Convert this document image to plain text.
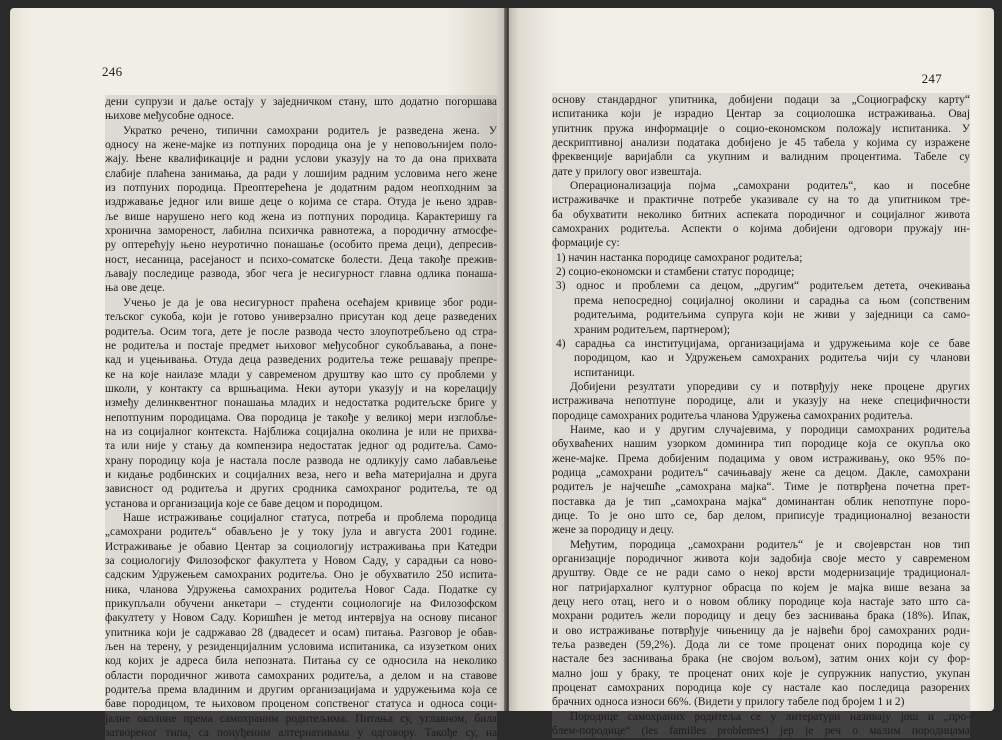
246
дени супрузи и даље остају у заједничком стану, што додатно погоршава
њихове међусобне односе.
Укратко речено, типични самохрани родитељ је разведена жена. У
односу на жене-мајке из потпуних породица она је у неповољнијем поло-
жају. Њене квалификације и радни услови указују на то да она прихвата
слабије плаћена занимања, да ради у лошијим радним условима него жене
из потпуних породица. Преоптерећена је додатним радом неопходним за
издржавање једног или више деце о којима се стара. Отуда је њено здрав-
ље више нарушено него код жена из потпуних породица. Карактеришу га
хронична замореност, лабилна психичка равнотежа, а породичну атмосфе-
ру оптерећују њено неуротично понашање (особито према деци), депресив-
ност, несаница, расејаност и психо-соматске болести. Деца такође прежив-
љавају последице развода, због чега је несигурност главна одлика понаша-
ња ове деце.
Учењо је да је ова несигурност праћена осећајем кривице због роди-
тељског сукоба, који је готово универзално присутан код деце разведених
родитеља. Осим тога, дете је после развода често злоупотребљено од стра-
не родитеља и постаје предмет њиховог међусобног сукобљавања, а поне-
кад и уцењивања. Отуда деца разведених родитеља теже решавају препре-
ке на које наилазе млади у савременом друштву као што су проблеми у
школи, у контакту са вршњацима. Неки аутори указују и на корелацију
између делинквентног понашања младих и недостатка родитељске бриге у
непотпуним породицама. Ова породица је такође у великој мери изглобље-
на из социјалног контекста. Најближа социјална околина је или не прихва-
та или није у стању да компензира недостатак једног од родитеља. Само-
храну породицу која је настала после развода не одликују само лабављење
и кидање родбинских и социјалних веза, него и већа материјална и друга
зависност од родитеља и других сродника самохраног родитеља, те од
установа и организација које се баве децом и породицом.
Наше истраживање социјалног статуса, потреба и проблема породица
„самохрани родитељ“ обављено је у току јула и августа 2001 године.
Истраживање је обавио Центар за социологију истраживања при Катедри
за социологију Филозофског факултета у Новом Саду, у сарадњи са ново-
садским Удружењем самохраних родитеља. Оно је обухватило 250 испита-
ника, чланова Удружења самохраних родитеља Новог Сада. Податке су
прикупљали обучени анкетари – студенти социологије на Филозофском
факултету у Новом Саду. Коришћен је метод интервјуа на основу писаног
упитника који је садржавао 28 (двадесет и осам) питања. Разговор је обав-
љен на терену, у резиденцијалним условима испитаника, са изузетком оних
код којих је адреса била непозната. Питања су се односила на неколико
области породичног живота самохраних родитеља, а делом и на ставове
родитеља према владиним и другим организацијама и удружењима која се
баве породицом, те њиховом проценом сопственог статуса и односа соци-
јалне околине према самохраним родитељима. Питања су, углавном, била
затвореног типа, са понуђеним алтернативама у одговору. Такође су, на
247
основу стандардног упитника, добијени подаци за „Социографску карту“
испитаника који је израдио Центар за социолошка истраживања. Овај
упитник пружа информације о социо-економском положају испитаника. У
дескриптивној анализи података добијено је 45 табела у којима су изражене
фреквенције варијабли са укупним и валидним процентима. Табеле су
дате у прилогу овог извештаја.
Операционализација појма „самохрани родитељ“, као и посебне
истраживачке и практичне потребе указивале су на то да упитником тре-
ба обухватити неколико битних аспеката породичног и социјалног живота
самохраних родитеља. Аспекти о којима добијени одговори пружају ин-
формације су:
1) начин настанка породице самохраног родитеља;
2) социо-економски и стамбени статус породице;
3) однос и проблеми са децом, „другим“ родитељем детета, очекивања
према непосредној социјалној околини и сарадња са њом (сопственим
родитељима, родитељима супруга који не живи у заједници са само-
храним родитељем, партнером);
4) сарадња са институцијама, организацијама и удружењима које се баве
породицом, као и Удружењем самохраних родитеља чији су чланови
испитаници.
Добијени резултати упоредиви су и потврђују неке процене других
истраживача непотпуне породице, али и указују на неке специфичности
породице самохраних родитеља чланова Удружења самохраних родитеља.
Наиме, као и у другим случајевима, у породици самохраних родитеља
обухваћених нашим узорком доминира тип породице која се окупља око
жене-мајке. Према добијеним подацима у овом истраживању, око 95% по-
родица „самохрани родитељ“ сачињавају жене са децом. Дакле, самохрани
родитељ је најчешће „самохрана мајка“. Тиме је потврђена почетна прет-
поставка да је тип „самохрана мајка“ доминантан облик непотпуне поро-
дице. То је оно што се, бар делом, приписује традиционалној везаности
жене за породицу и децу.
Међутим, породица „самохрани родитељ“ је и својеврстан нов тип
организације породичног живота који задобија своје место у савременом
друштву. Овде се не ради само о некој врсти модернизације традиционал-
ног патријархалног културног обрасца по којем је мајка више везана за
децу него отац, него и о новом облику породице која настаје зато што са-
мохрани родитељ жели породицу и децу без заснивања брака (18%). Ипак,
и ово истраживање потврђује чињеницу да је највећи број самохраних роди-
теља разведен (59,2%). Дода ли се томе проценат оних породица које су
настале без заснивања брака (не својом вољом), затим оних који су фор-
мално још у браку, те проценат оних које је супружник напустио, укупан
проценат самохраних породица које су настале као последица разорених
брачних односа износи 66%. (Видети у прилогу табеле под бројем 1 и 2)
Породице самохраних родитеља се у литератури називају још и „про-
блем-породице“ (les familles problemes) јер је реч о малим породицама
